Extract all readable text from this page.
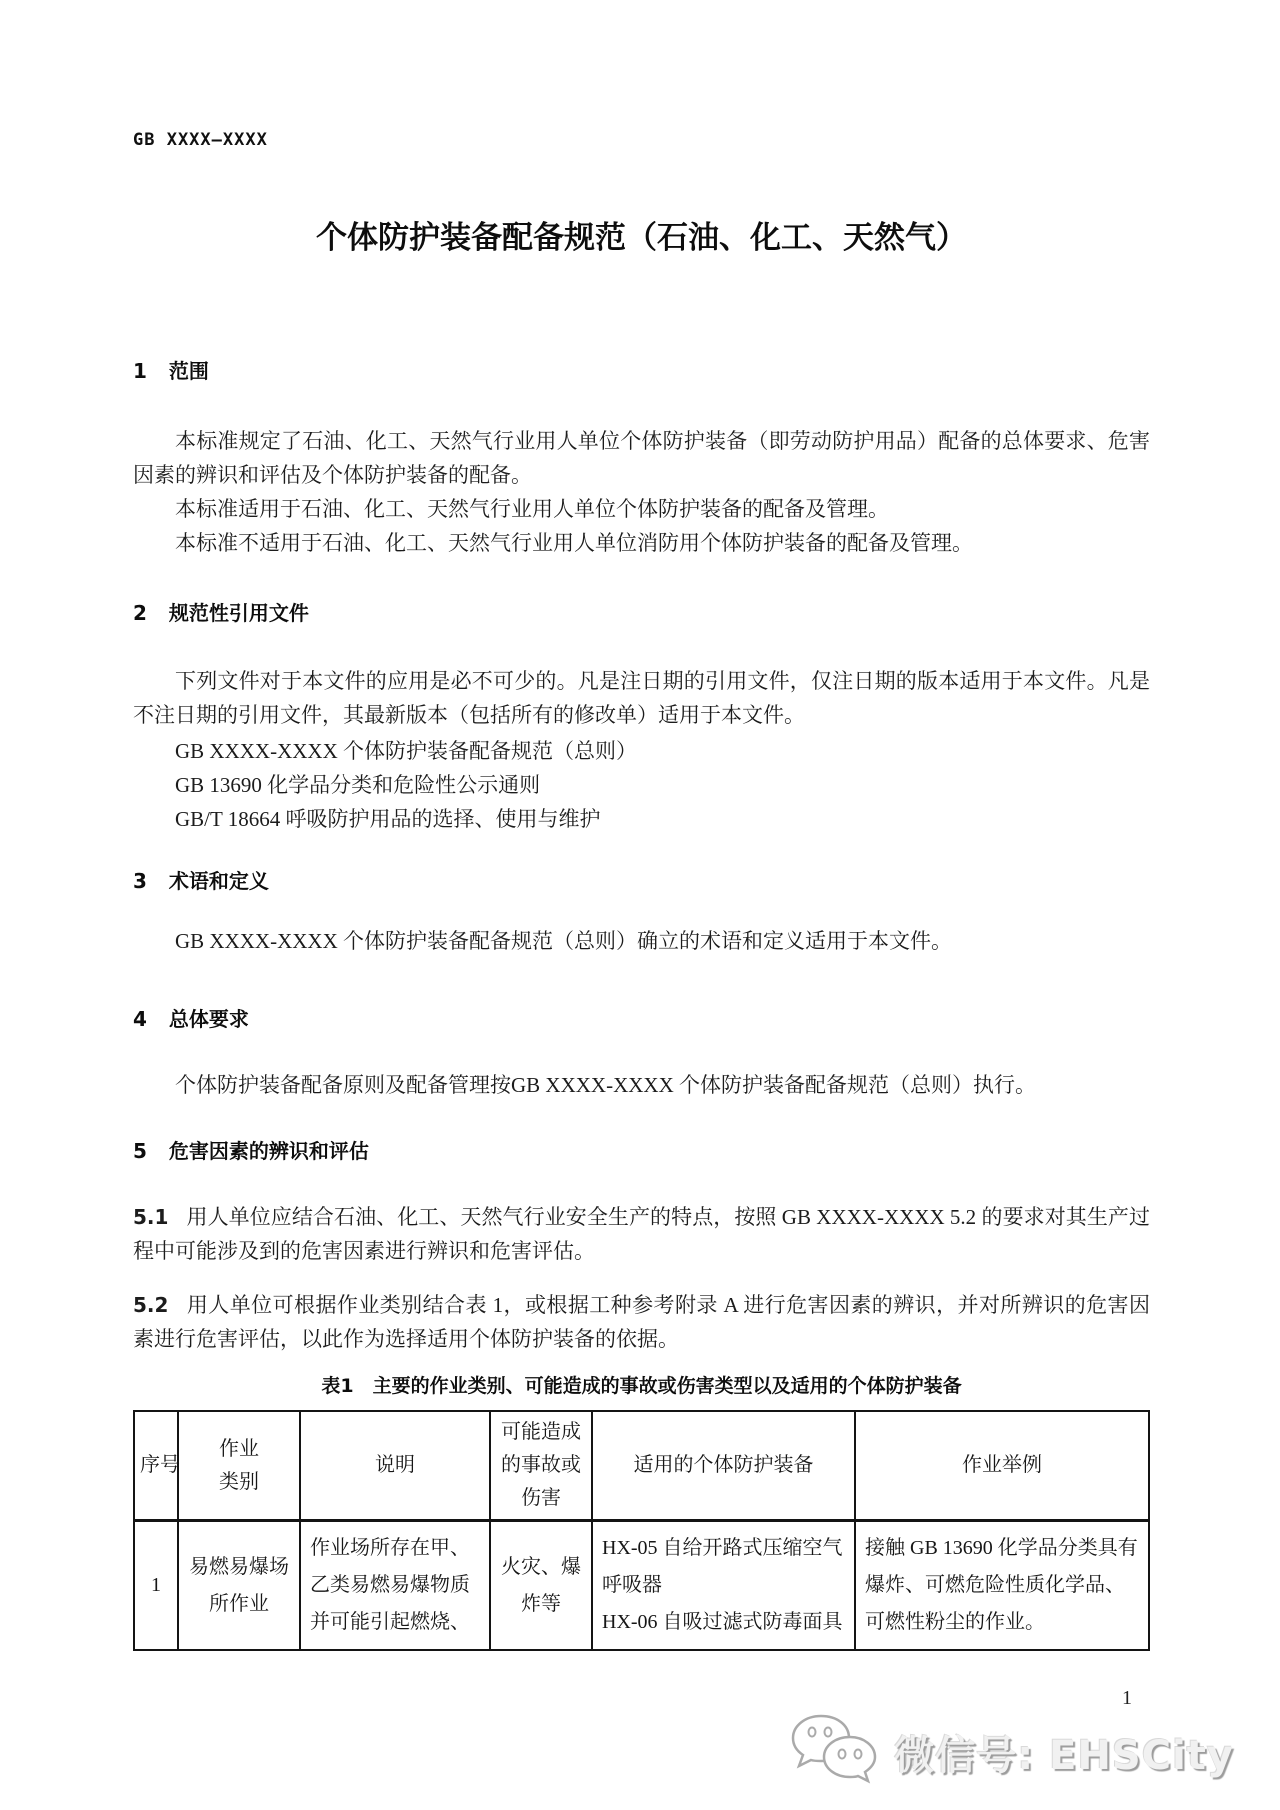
GB XXXX—XXXX
个体防护装备配备规范（石油、化工、天然气）
1 范围

本标准规定了石油、化工、天然气行业用人单位个体防护装备（即劳动防护用品）配备的总体要求、危害因素的辨识和评估及个体防护装备的配备。

本标准适用于石油、化工、天然气行业用人单位个体防护装备的配备及管理。

本标准不适用于石油、化工、天然气行业用人单位消防用个体防护装备的配备及管理。

2 规范性引用文件

下列文件对于本文件的应用是必不可少的。凡是注日期的引用文件，仅注日期的版本适用于本文件。凡是不注日期的引用文件，其最新版本（包括所有的修改单）适用于本文件。

GB XXXX-XXXX 个体防护装备配备规范（总则）
GB 13690 化学品分类和危险性公示通则
GB/T 18664 呼吸防护用品的选择、使用与维护
3 术语和定义

GB XXXX-XXXX 个体防护装备配备规范（总则）确立的术语和定义适用于本文件。

4 总体要求

个体防护装备配备原则及配备管理按GB XXXX-XXXX 个体防护装备配备规范（总则）执行。

5 危害因素的辨识和评估

5.1 用人单位应结合石油、化工、天然气行业安全生产的特点，按照 GB XXXX-XXXX 5.2 的要求对其生产过程中可能涉及到的危害因素进行辨识和危害评估。

5.2 用人单位可根据作业类别结合表 1，或根据工种参考附录 A 进行危害因素的辨识，并对所辨识的危害因素进行危害评估，以此作为选择适用个体防护装备的依据。

表1　主要的作业类别、可能造成的事故或伤害类型以及适用的个体防护装备
序号	作业类别	说明	可能造成的事故或伤害	适用的个体防护装备	作业举例
1	易燃易爆场所作业	作业场所存在甲、乙类易燃易爆物质并可能引起燃烧、	火灾、爆炸等	HX-05 自给开路式压缩空气呼吸器
HX-06 自吸过滤式防毒面具	接触 GB 13690 化学品分类具有爆炸、可燃危险性质化学品、可燃性粉尘的作业。
1
微信号: EHSCity
